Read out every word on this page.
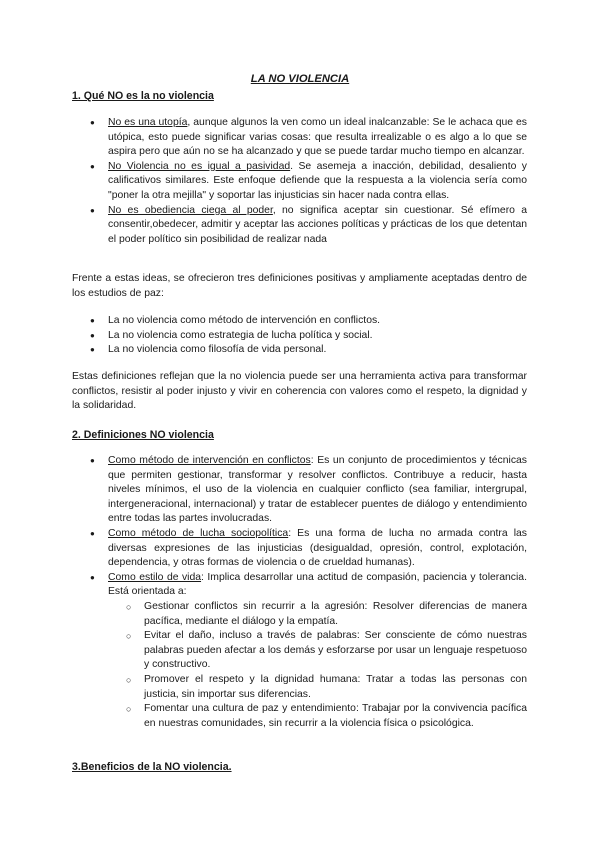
LA NO VIOLENCIA
1. Qué NO es la no violencia
● No es una utopía, aunque algunos la ven como un ideal inalcanzable: Se le achaca que es utópica, esto puede significar varias cosas: que resulta irrealizable o es algo a lo que se aspira pero que aún no se ha alcanzado y que se puede tardar mucho tiempo en alcanzar.
● No Violencia no es igual a pasividad. Se asemeja a inacción, debilidad, desaliento y calificativos similares. Este enfoque defiende que la respuesta a la violencia sería como "poner la otra mejilla" y soportar las injusticias sin hacer nada contra ellas.
● No es obediencia ciega al poder, no significa aceptar sin cuestionar. Sé efímero a consentir,obedecer, admitir y aceptar las acciones políticas y prácticas de los que detentan el poder político sin posibilidad de realizar nada

Frente a estas ideas, se ofrecieron tres definiciones positivas y ampliamente aceptadas dentro de los estudios de paz:

● La no violencia como método de intervención en conflictos.
● La no violencia como estrategia de lucha política y social.
● La no violencia como filosofía de vida personal.

Estas definiciones reflejan que la no violencia puede ser una herramienta activa para transformar conflictos, resistir al poder injusto y vivir en coherencia con valores como el respeto, la dignidad y la solidaridad.

2. Definiciones NO violencia
● Como método de intervención en conflictos: Es un conjunto de procedimientos y técnicas que permiten gestionar, transformar y resolver conflictos. Contribuye a reducir, hasta niveles mínimos, el uso de la violencia en cualquier conflicto (sea familiar, intergrupal, intergeneracional, internacional) y tratar de establecer puentes de diálogo y entendimiento entre todas las partes involucradas.
● Como método de lucha sociopolítica: Es una forma de lucha no armada contra las diversas expresiones de las injusticias (desigualdad, opresión, control, explotación, dependencia, y otras formas de violencia o de crueldad humanas).
● Como estilo de vida: Implica desarrollar una actitud de compasión, paciencia y tolerancia. Está orientada a:
○ Gestionar conflictos sin recurrir a la agresión: Resolver diferencias de manera pacífica, mediante el diálogo y la empatía.
○ Evitar el daño, incluso a través de palabras: Ser consciente de cómo nuestras palabras pueden afectar a los demás y esforzarse por usar un lenguaje respetuoso y constructivo.
○ Promover el respeto y la dignidad humana: Tratar a todas las personas con justicia, sin importar sus diferencias.
○ Fomentar una cultura de paz y entendimiento: Trabajar por la convivencia pacífica en nuestras comunidades, sin recurrir a la violencia física o psicológica.
3.Beneficios de la NO violencia.
